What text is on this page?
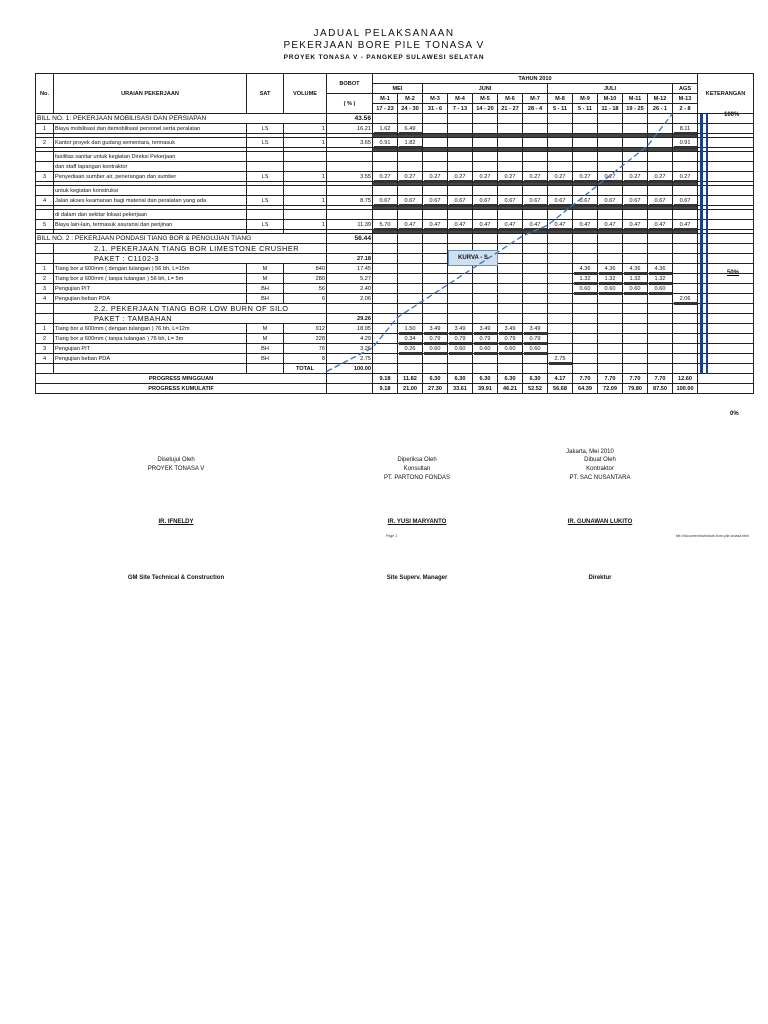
JADUAL PELAKSANAAN
PEKERJAAN BORE PILE TONASA V
PROYEK TONASA V - PANGKEP SULAWESI SELATAN
No.	URAIAN PEKERJAAN	SAT	VOLUME	BOBOT	TAHUN 2010													KETERANGAN
					MEI		JUNI					JULI					AGS	
				( % )	M-1	M-2	M-3	M-4	M-5	M-6	M-7	M-8	M-9	M-10	M-11	M-12	M-13	
					17 - 23	24 - 30	31 - 6	7 - 13	14 - 20	21 - 27	28 - 4	5 - 11	5 - 11	11 - 18	19 - 25	26 - 1	2 - 8	
BILL NO. 1: PEKERJAAN MOBILISASI DAN PERSIAPAN				43.56														
1	Biaya mobilisasi dan demobilisasi personel serta peralatan	LS	1	16.21	1.62	6.49											8.11	

2	Kantor proyek dan gudang sementara, termasuk	LS	1	3.65	0.91	1.82											0.91	

	fasilitas sanitar untuk kegiatan Direksi Pekerjaan																	
	dan staff lapangan kontraktor																	
3	Penyediaan sumber air, penerangan dan sumber	LS	1	3.55	0.27	0.27	0.27	0.27	0.27	0.27	0.27	0.27	0.27	0.27	0.27	0.27	0.27	

	untuk kegiatan konstruksi																	
4	Jalan akses keamanan bagi material dan peralatan yang ada	LS	1	8.75	0.67	0.67	0.67	0.67	0.67	0.67	0.67	0.67	0.67	0.67	0.67	0.67	0.67	

	di dalam dan sekitar lokasi pekerjaan																	
5	Biaya lain-lain, termasuk asuransi dan perijinan	LS	1	11.39	5.70	0.47	0.47	0.47	0.47	0.47	0.47	0.47	0.47	0.47	0.47	0.47	0.47	

BILL NO. 2 : PEKERJAAN PONDASI TIANG BOR & PENGUJIAN TIANG				56.44														
	2.1. PEKERJAAN TIANG BOR LIMESTONE CRUSHER																	
	PAKET : C1102-3			27.18														
1	Tiang bor ⌀ 600mm ( dengan tulangan ) 56 bh, L=15m	M	840	17.45									4.36	4.36	4.36	4.36		
2	Tiang bor ⌀ 600mm ( tanpa tulangan ) 56 bh, L= 5m	M	280	5.27									1.32	1.32	1.32	1.32		
3	Pengujian PIT	BH	56	2.40									0.60	0.60	0.60	0.60		
4	Pengujian beban PDA	BH	6	2.06													2.06	
	2.2. PEKERJAAN TIANG BOR LOW BURN OF SILO																	
	PAKET : TAMBAHAN			29.26														
1	Tiang bor ⌀ 600mm ( dengan tulangan ) 76 bh, L=12m	M	912	18.95		1.50	3.49	3.49	3.49	3.49	3.49							
2	Tiang bor ⌀ 600mm ( tanpa tulangan ) 76 bh, L= 3m	M	228	4.29		0.34	0.79	0.79	0.79	0.79	0.79							
3	Pengujian PIT	BH	76	3.26		0.26	0.60	0.60	0.60	0.60	0.60							
4	Pengujian beban PDA	BH	8	2.75								2.75						
			TOTAL	100.00														
PROGRESS MINGGUAN					9.18	11.82	6.30	6.30	6.30	6.30	6.30	4.17	7.70	7.70	7.70	7.70	12.60	
PROGRESS KUMULATIF					9.18	21.00	27.30	33.61	39.91	46.21	52.52	56.68	64.39	72.09	79.80	87.50	100.00	
KURVA - S
100%
50%
0%
Jakarta, Mei 2010
Disetujui Oleh
PROYEK TONASA V
Diperiksa Oleh
Konsultan
PT. PARTONO FONDAS
Dibuat Oleh
Kontraktor
PT. SAC NUSANTARA
IR. IFNELDY	IR. YUSI MARYANTO	IR. GUNAWAN LUKITO
Page 1	file:///document/schedule-bore-pile-tonasa.html
GM Site Technical & Construction	Site Superv. Manager	Direktur
